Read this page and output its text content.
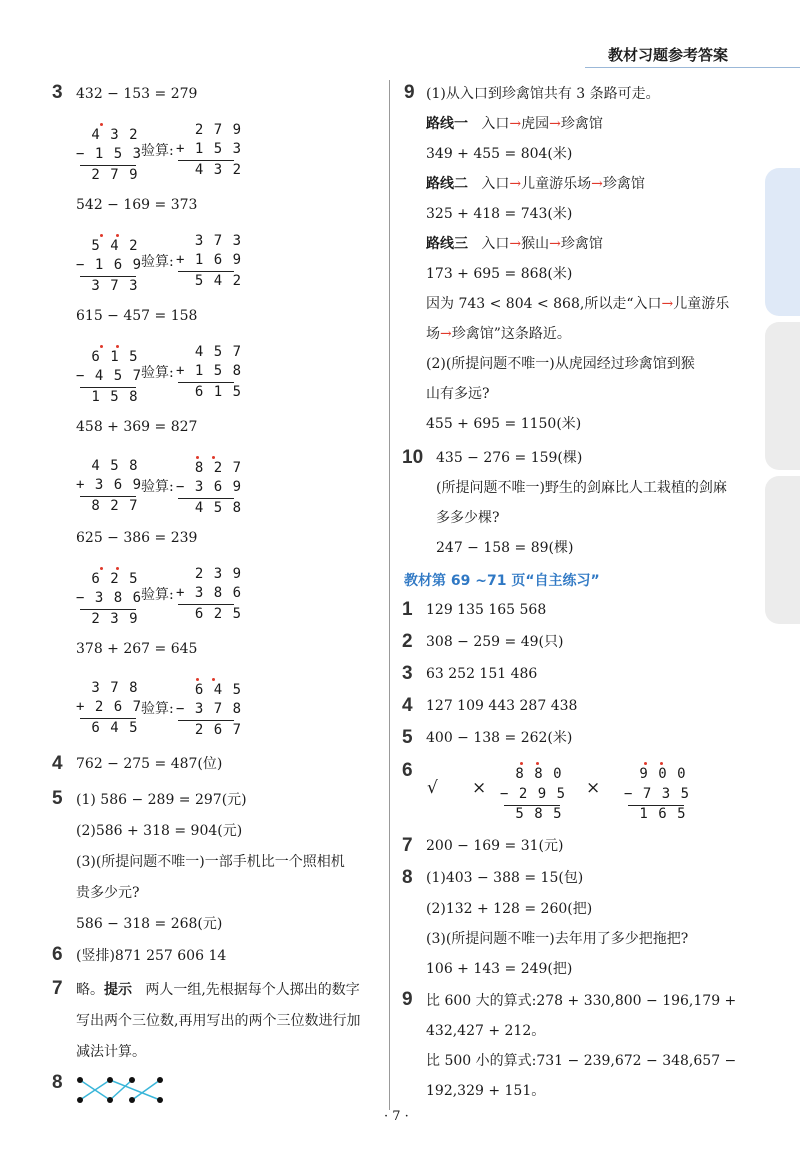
教材习题参考答案
3 432 − 153 = 279
4 3 2
− 1 5 3
2 7 9
验算:
2 7 9
+ 1 5 3
4 3 2
542 − 169 = 373
5 4 2
− 1 6 9
3 7 3
验算:
3 7 3
+ 1 6 9
5 4 2
615 − 457 = 158
6 1 5
− 4 5 7
1 5 8
验算:
4 5 7
+ 1 5 8
6 1 5
458 + 369 = 827
4 5 8
+ 3 6 9
8 2 7
验算:
8 2 7
− 3 6 9
4 5 8
625 − 386 = 239
6 2 5
− 3 8 6
2 3 9
验算:
2 3 9
+ 3 8 6
6 2 5
378 + 267 = 645
3 7 8
+ 2 6 7
6 4 5
验算:
6 4 5
− 3 7 8
2 6 7
4 762 − 275 = 487(位)
5 (1) 586 − 289 = 297(元)
(2)586 + 318 = 904(元)
(3)(所提问题不唯一)一部手机比一个照相机
贵多少元?
586 − 318 = 268(元)
6 (竖排)871 257 606 14
7 略。提示 两人一组,先根据每个人掷出的数字
写出两个三位数,再用写出的两个三位数进行加
减法计算。
8
9 (1)从入口到珍禽馆共有 3 条路可走。
路线一 入口→虎园→珍禽馆
349 + 455 = 804(米)
路线二 入口→儿童游乐场→珍禽馆
325 + 418 = 743(米)
路线三 入口→猴山→珍禽馆
173 + 695 = 868(米)
因为 743 < 804 < 868,所以走“入口→儿童游乐
场→珍禽馆”这条路近。
(2)(所提问题不唯一)从虎园经过珍禽馆到猴
山有多远?
455 + 695 = 1150(米)
10 435 − 276 = 159(棵)
(所提问题不唯一)野生的剑麻比人工栽植的剑麻
多多少棵?
247 − 158 = 89(棵)
教材第 69 ~71 页“自主练习”
1 129 135 165 568
2 308 − 259 = 49(只)
3 63 252 151 486
4 127 109 443 287 438
5 400 − 138 = 262(米)
6
√ ×
8 8 0
− 2 9 5
5 8 5
×
9 0 0
− 7 3 5
1 6 5
7 200 − 169 = 31(元)
8 (1)403 − 388 = 15(包)
(2)132 + 128 = 260(把)
(3)(所提问题不唯一)去年用了多少把拖把?
106 + 143 = 249(把)
9 比 600 大的算式:278 + 330,800 − 196,179 +
432,427 + 212。
比 500 小的算式:731 − 239,672 − 348,657 −
192,329 + 151。
· 7 ·
